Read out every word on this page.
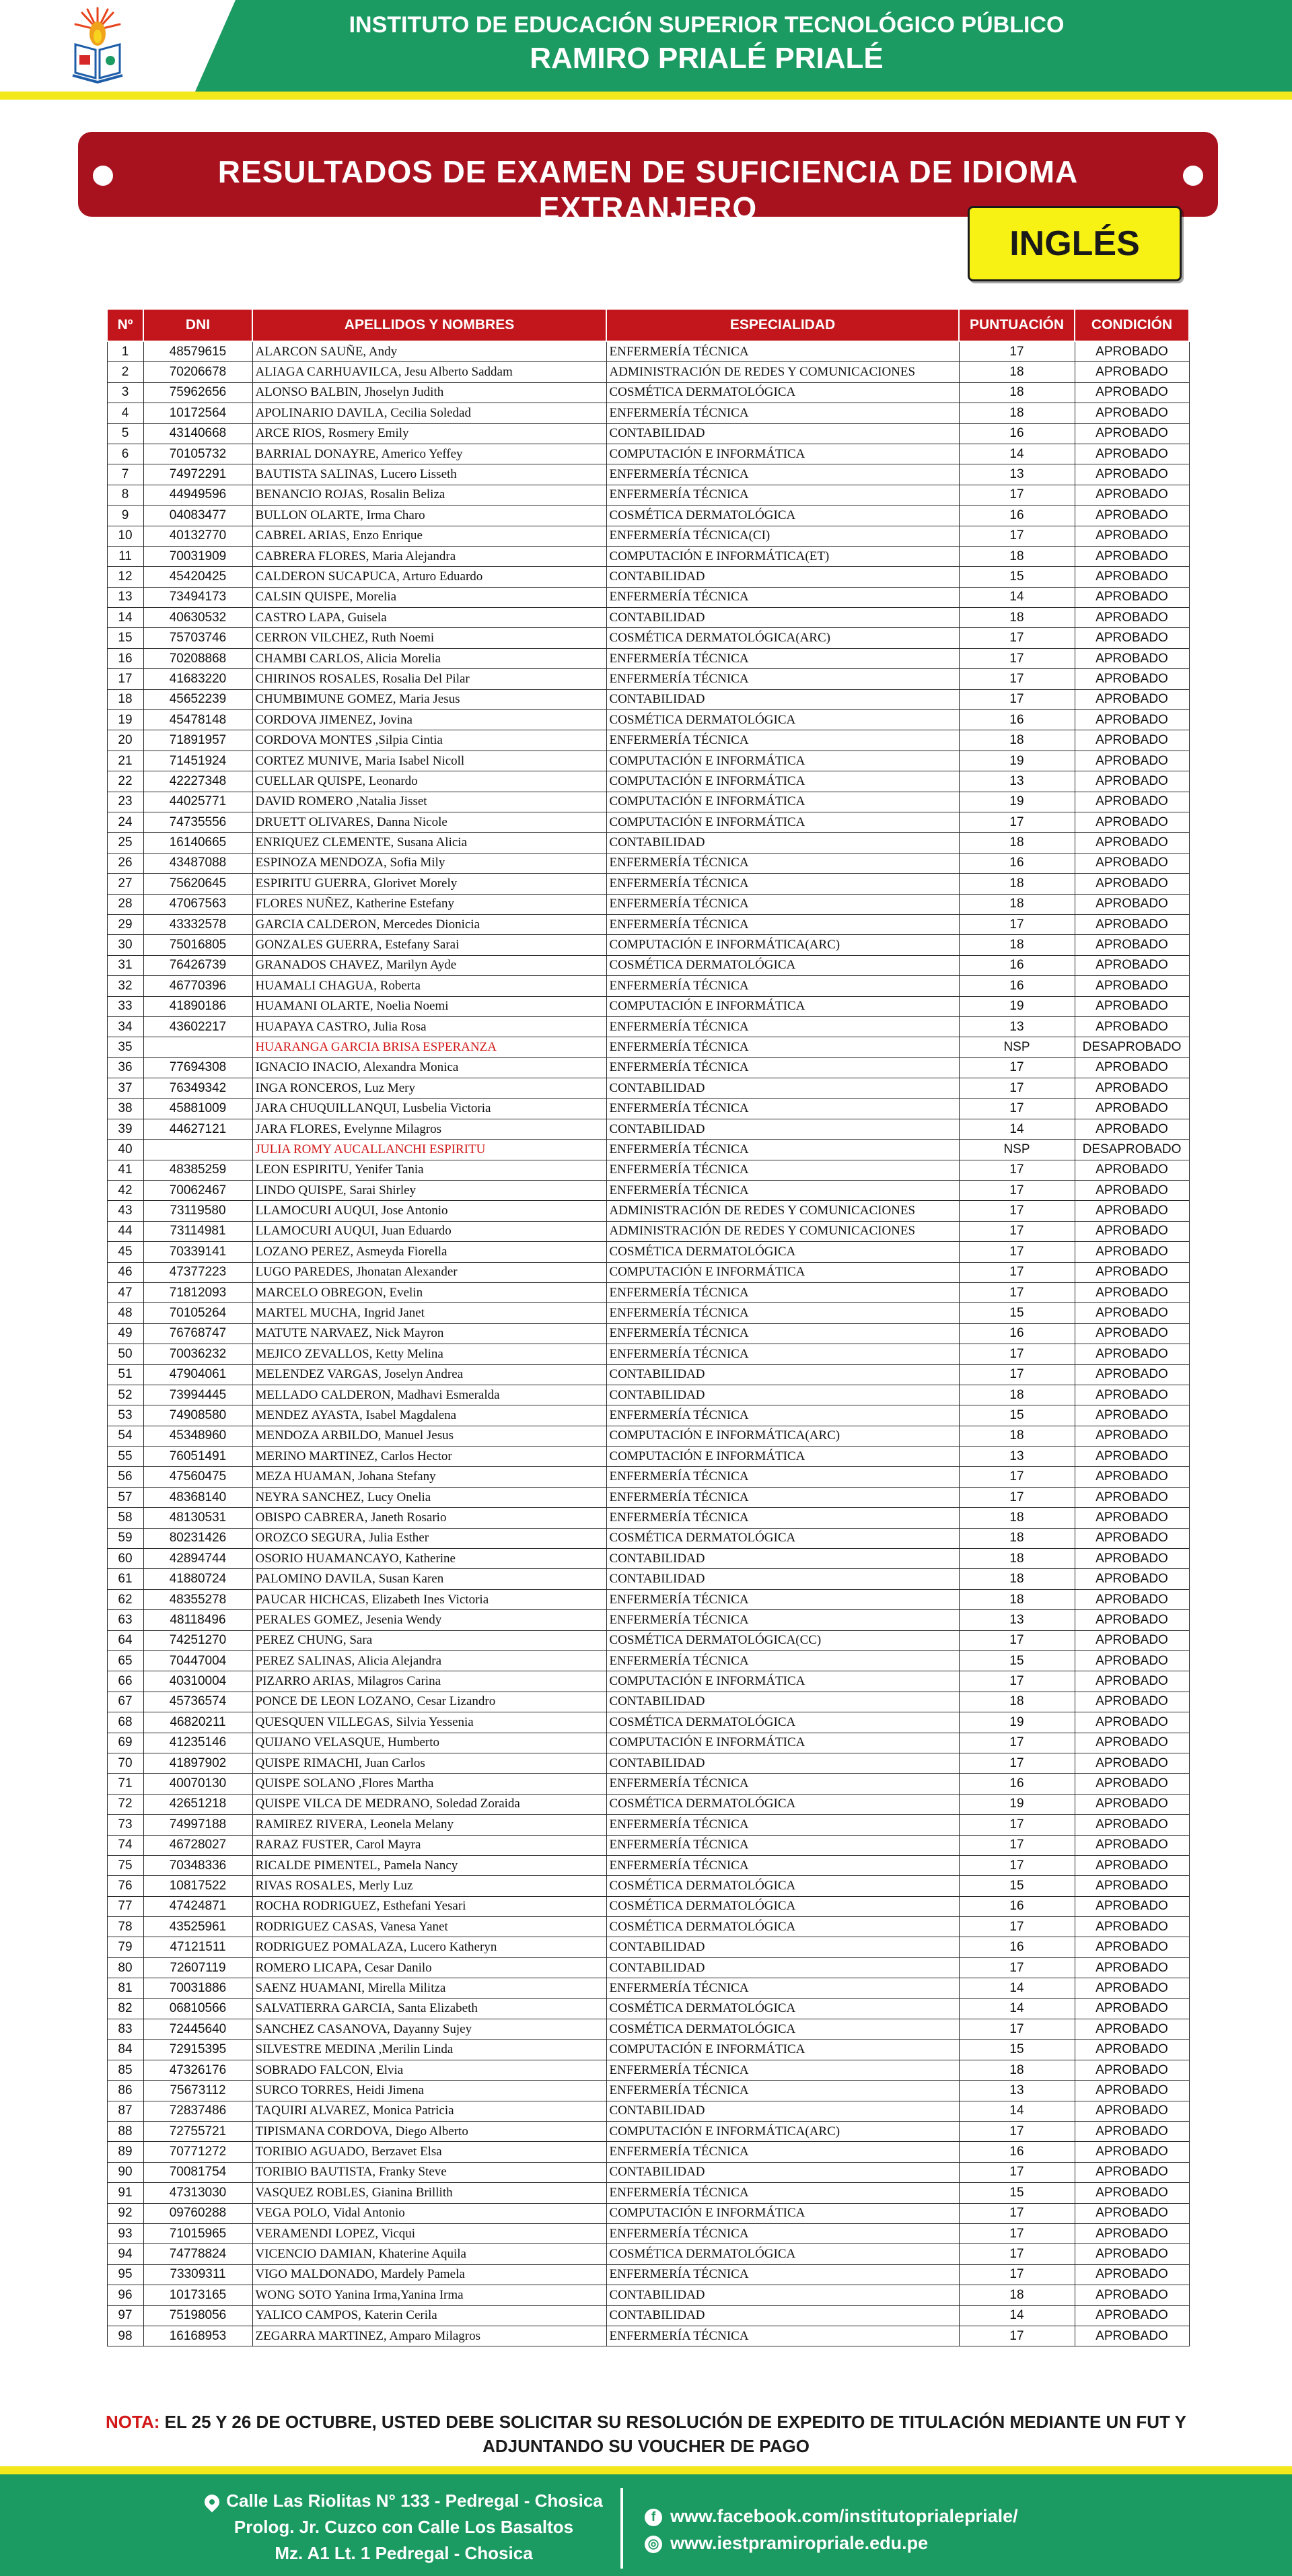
INSTITUTO DE EDUCACIÓN SUPERIOR TECNOLÓGICO PÚBLICO
RAMIRO PRIALÉ PRIALÉ
RESULTADOS DE EXAMEN DE SUFICIENCIA DE IDIOMA EXTRANJERO
INGLÉS
Nº	DNI	APELLIDOS Y NOMBRES	ESPECIALIDAD	PUNTUACIÓN	CONDICIÓN
1	48579615	ALARCON SAUÑE, Andy	ENFERMERÍA TÉCNICA	17	APROBADO
2	70206678	ALIAGA CARHUAVILCA, Jesu Alberto Saddam	ADMINISTRACIÓN DE REDES Y COMUNICACIONES	18	APROBADO
3	75962656	ALONSO BALBIN, Jhoselyn Judith	COSMÉTICA DERMATOLÓGICA	18	APROBADO
4	10172564	APOLINARIO DAVILA, Cecilia Soledad	ENFERMERÍA TÉCNICA	18	APROBADO
5	43140668	ARCE RIOS, Rosmery Emily	CONTABILIDAD	16	APROBADO
6	70105732	BARRIAL DONAYRE, Americo Yeffey	COMPUTACIÓN E INFORMÁTICA	14	APROBADO
7	74972291	BAUTISTA SALINAS, Lucero Lisseth	ENFERMERÍA TÉCNICA	13	APROBADO
8	44949596	BENANCIO ROJAS, Rosalin Beliza	ENFERMERÍA TÉCNICA	17	APROBADO
9	04083477	BULLON OLARTE, Irma Charo	COSMÉTICA DERMATOLÓGICA	16	APROBADO
10	40132770	CABREL ARIAS, Enzo Enrique	ENFERMERÍA TÉCNICA(CI)	17	APROBADO
11	70031909	CABRERA FLORES, Maria Alejandra	COMPUTACIÓN E INFORMÁTICA(ET)	18	APROBADO
12	45420425	CALDERON SUCAPUCA, Arturo Eduardo	CONTABILIDAD	15	APROBADO
13	73494173	CALSIN QUISPE, Morelia	ENFERMERÍA TÉCNICA	14	APROBADO
14	40630532	CASTRO LAPA, Guisela	CONTABILIDAD	18	APROBADO
15	75703746	CERRON VILCHEZ, Ruth Noemi	COSMÉTICA DERMATOLÓGICA(ARC)	17	APROBADO
16	70208868	CHAMBI CARLOS, Alicia Morelia	ENFERMERÍA TÉCNICA	17	APROBADO
17	41683220	CHIRINOS ROSALES, Rosalia Del Pilar	ENFERMERÍA TÉCNICA	17	APROBADO
18	45652239	CHUMBIMUNE GOMEZ, Maria Jesus	CONTABILIDAD	17	APROBADO
19	45478148	CORDOVA JIMENEZ, Jovina	COSMÉTICA DERMATOLÓGICA	16	APROBADO
20	71891957	CORDOVA MONTES ,Silpia Cintia	ENFERMERÍA TÉCNICA	18	APROBADO
21	71451924	CORTEZ MUNIVE, Maria Isabel Nicoll	COMPUTACIÓN E INFORMÁTICA	19	APROBADO
22	42227348	CUELLAR QUISPE, Leonardo	COMPUTACIÓN E INFORMÁTICA	13	APROBADO
23	44025771	DAVID ROMERO ,Natalia Jisset	COMPUTACIÓN E INFORMÁTICA	19	APROBADO
24	74735556	DRUETT OLIVARES, Danna Nicole	COMPUTACIÓN E INFORMÁTICA	17	APROBADO
25	16140665	ENRIQUEZ CLEMENTE, Susana Alicia	CONTABILIDAD	18	APROBADO
26	43487088	ESPINOZA MENDOZA, Sofia Mily	ENFERMERÍA TÉCNICA	16	APROBADO
27	75620645	ESPIRITU GUERRA, Glorivet Morely	ENFERMERÍA TÉCNICA	18	APROBADO
28	47067563	FLORES NUÑEZ, Katherine Estefany	ENFERMERÍA TÉCNICA	18	APROBADO
29	43332578	GARCIA CALDERON, Mercedes Dionicia	ENFERMERÍA TÉCNICA	17	APROBADO
30	75016805	GONZALES GUERRA, Estefany Sarai	COMPUTACIÓN E INFORMÁTICA(ARC)	18	APROBADO
31	76426739	GRANADOS CHAVEZ, Marilyn Ayde	COSMÉTICA DERMATOLÓGICA	16	APROBADO
32	46770396	HUAMALI CHAGUA, Roberta	ENFERMERÍA TÉCNICA	16	APROBADO
33	41890186	HUAMANI OLARTE, Noelia Noemi	COMPUTACIÓN E INFORMÁTICA	19	APROBADO
34	43602217	HUAPAYA CASTRO, Julia Rosa	ENFERMERÍA TÉCNICA	13	APROBADO
35		HUARANGA GARCIA BRISA ESPERANZA	ENFERMERÍA TÉCNICA	NSP	DESAPROBADO
36	77694308	IGNACIO INACIO, Alexandra Monica	ENFERMERÍA TÉCNICA	17	APROBADO
37	76349342	INGA RONCEROS, Luz Mery	CONTABILIDAD	17	APROBADO
38	45881009	JARA CHUQUILLANQUI, Lusbelia Victoria	ENFERMERÍA TÉCNICA	17	APROBADO
39	44627121	JARA FLORES, Evelynne Milagros	CONTABILIDAD	14	APROBADO
40		JULIA ROMY AUCALLANCHI ESPIRITU	ENFERMERÍA TÉCNICA	NSP	DESAPROBADO
41	48385259	LEON ESPIRITU, Yenifer Tania	ENFERMERÍA TÉCNICA	17	APROBADO
42	70062467	LINDO QUISPE, Sarai Shirley	ENFERMERÍA TÉCNICA	17	APROBADO
43	73119580	LLAMOCURI AUQUI, Jose Antonio	ADMINISTRACIÓN DE REDES Y COMUNICACIONES	17	APROBADO
44	73114981	LLAMOCURI AUQUI, Juan Eduardo	ADMINISTRACIÓN DE REDES Y COMUNICACIONES	17	APROBADO
45	70339141	LOZANO PEREZ, Asmeyda Fiorella	COSMÉTICA DERMATOLÓGICA	17	APROBADO
46	47377223	LUGO PAREDES, Jhonatan Alexander	COMPUTACIÓN E INFORMÁTICA	17	APROBADO
47	71812093	MARCELO OBREGON, Evelin	ENFERMERÍA TÉCNICA	17	APROBADO
48	70105264	MARTEL MUCHA, Ingrid Janet	ENFERMERÍA TÉCNICA	15	APROBADO
49	76768747	MATUTE NARVAEZ, Nick Mayron	ENFERMERÍA TÉCNICA	16	APROBADO
50	70036232	MEJICO ZEVALLOS, Ketty Melina	ENFERMERÍA TÉCNICA	17	APROBADO
51	47904061	MELENDEZ VARGAS, Joselyn Andrea	CONTABILIDAD	17	APROBADO
52	73994445	MELLADO CALDERON, Madhavi Esmeralda	CONTABILIDAD	18	APROBADO
53	74908580	MENDEZ AYASTA, Isabel Magdalena	ENFERMERÍA TÉCNICA	15	APROBADO
54	45348960	MENDOZA ARBILDO, Manuel Jesus	COMPUTACIÓN E INFORMÁTICA(ARC)	18	APROBADO
55	76051491	MERINO MARTINEZ, Carlos Hector	COMPUTACIÓN E INFORMÁTICA	13	APROBADO
56	47560475	MEZA HUAMAN, Johana Stefany	ENFERMERÍA TÉCNICA	17	APROBADO
57	48368140	NEYRA SANCHEZ, Lucy Onelia	ENFERMERÍA TÉCNICA	17	APROBADO
58	48130531	OBISPO CABRERA, Janeth Rosario	ENFERMERÍA TÉCNICA	18	APROBADO
59	80231426	OROZCO SEGURA, Julia Esther	COSMÉTICA DERMATOLÓGICA	18	APROBADO
60	42894744	OSORIO HUAMANCAYO, Katherine	CONTABILIDAD	18	APROBADO
61	41880724	PALOMINO DAVILA, Susan Karen	CONTABILIDAD	18	APROBADO
62	48355278	PAUCAR HICHCAS, Elizabeth Ines Victoria	ENFERMERÍA TÉCNICA	18	APROBADO
63	48118496	PERALES GOMEZ, Jesenia Wendy	ENFERMERÍA TÉCNICA	13	APROBADO
64	74251270	PEREZ CHUNG, Sara	COSMÉTICA DERMATOLÓGICA(CC)	17	APROBADO
65	70447004	PEREZ SALINAS, Alicia Alejandra	ENFERMERÍA TÉCNICA	15	APROBADO
66	40310004	PIZARRO ARIAS, Milagros Carina	COMPUTACIÓN E INFORMÁTICA	17	APROBADO
67	45736574	PONCE DE LEON LOZANO, Cesar Lizandro	CONTABILIDAD	18	APROBADO
68	46820211	QUESQUEN VILLEGAS, Silvia Yessenia	COSMÉTICA DERMATOLÓGICA	19	APROBADO
69	41235146	QUIJANO VELASQUE, Humberto	COMPUTACIÓN E INFORMÁTICA	17	APROBADO
70	41897902	QUISPE RIMACHI, Juan Carlos	CONTABILIDAD	17	APROBADO
71	40070130	QUISPE SOLANO ,Flores Martha	ENFERMERÍA TÉCNICA	16	APROBADO
72	42651218	QUISPE VILCA DE MEDRANO, Soledad Zoraida	COSMÉTICA DERMATOLÓGICA	19	APROBADO
73	74997188	RAMIREZ RIVERA, Leonela Melany	ENFERMERÍA TÉCNICA	17	APROBADO
74	46728027	RARAZ FUSTER, Carol Mayra	ENFERMERÍA TÉCNICA	17	APROBADO
75	70348336	RICALDE PIMENTEL, Pamela Nancy	ENFERMERÍA TÉCNICA	17	APROBADO
76	10817522	RIVAS ROSALES, Merly Luz	COSMÉTICA DERMATOLÓGICA	15	APROBADO
77	47424871	ROCHA RODRIGUEZ, Esthefani Yesari	COSMÉTICA DERMATOLÓGICA	16	APROBADO
78	43525961	RODRIGUEZ CASAS, Vanesa Yanet	COSMÉTICA DERMATOLÓGICA	17	APROBADO
79	47121511	RODRIGUEZ POMALAZA, Lucero Katheryn	CONTABILIDAD	16	APROBADO
80	72607119	ROMERO LICAPA, Cesar Danilo	CONTABILIDAD	17	APROBADO
81	70031886	SAENZ HUAMANI, Mirella Militza	ENFERMERÍA TÉCNICA	14	APROBADO
82	06810566	SALVATIERRA GARCIA, Santa Elizabeth	COSMÉTICA DERMATOLÓGICA	14	APROBADO
83	72445640	SANCHEZ CASANOVA, Dayanny Sujey	COSMÉTICA DERMATOLÓGICA	17	APROBADO
84	72915395	SILVESTRE MEDINA ,Merilin Linda	COMPUTACIÓN E INFORMÁTICA	15	APROBADO
85	47326176	SOBRADO FALCON, Elvia	ENFERMERÍA TÉCNICA	18	APROBADO
86	75673112	SURCO TORRES, Heidi Jimena	ENFERMERÍA TÉCNICA	13	APROBADO
87	72837486	TAQUIRI ALVAREZ, Monica Patricia	CONTABILIDAD	14	APROBADO
88	72755721	TIPISMANA CORDOVA, Diego Alberto	COMPUTACIÓN E INFORMÁTICA(ARC)	17	APROBADO
89	70771272	TORIBIO AGUADO, Berzavet Elsa	ENFERMERÍA TÉCNICA	16	APROBADO
90	70081754	TORIBIO BAUTISTA, Franky Steve	CONTABILIDAD	17	APROBADO
91	47313030	VASQUEZ ROBLES, Gianina Brillith	ENFERMERÍA TÉCNICA	15	APROBADO
92	09760288	VEGA POLO, Vidal Antonio	COMPUTACIÓN E INFORMÁTICA	17	APROBADO
93	71015965	VERAMENDI LOPEZ, Vicqui	ENFERMERÍA TÉCNICA	17	APROBADO
94	74778824	VICENCIO DAMIAN, Khaterine Aquila	COSMÉTICA DERMATOLÓGICA	17	APROBADO
95	73309311	VIGO MALDONADO, Mardely Pamela	ENFERMERÍA TÉCNICA	17	APROBADO
96	10173165	WONG SOTO Yanina Irma,Yanina Irma	CONTABILIDAD	18	APROBADO
97	75198056	YALICO CAMPOS, Katerin Cerila	CONTABILIDAD	14	APROBADO
98	16168953	ZEGARRA MARTINEZ, Amparo Milagros	ENFERMERÍA TÉCNICA	17	APROBADO
NOTA: EL 25 Y 26 DE OCTUBRE, USTED DEBE SOLICITAR SU RESOLUCIÓN DE EXPEDITO DE TITULACIÓN MEDIANTE UN FUT Y ADJUNTANDO SU VOUCHER DE PAGO
Calle Las Riolitas N° 133 - Pedregal - Chosica
Prolog. Jr. Cuzco con Calle Los Basaltos
Mz. A1 Lt. 1 Pedregal - Chosica
f www.facebook.com/institutoprialepriale/
◎ www.iestpramiropriale.edu.pe
